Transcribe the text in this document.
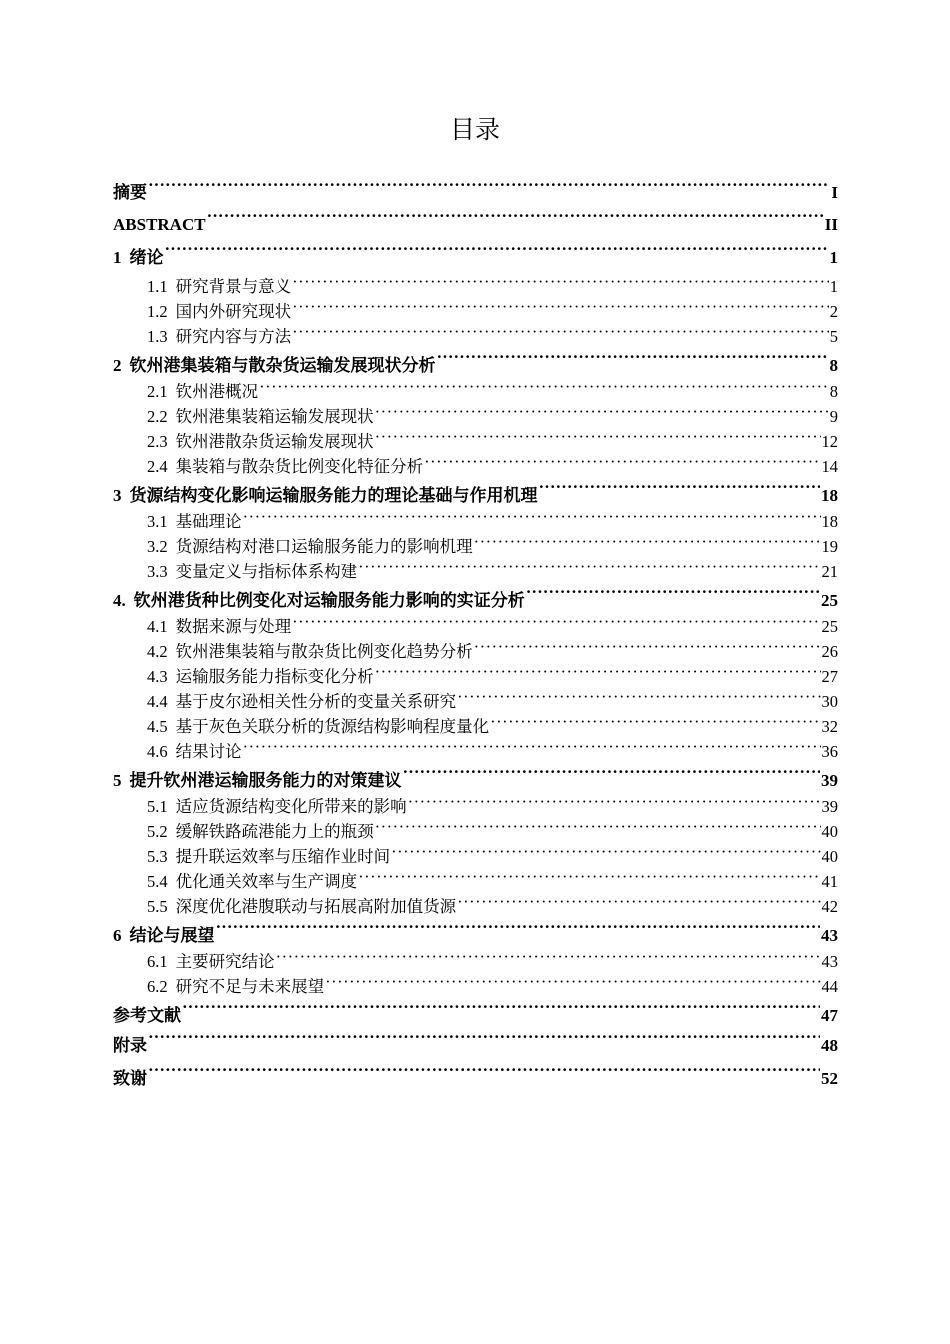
目录
摘要 ·····	I
ABSTRACT ·····	II
1 绪论 ·····	1
1.1 研究背景与意义 ·····	1
1.2 国内外研究现状 ·····	2
1.3 研究内容与方法 ·····	5
2 钦州港集装箱与散杂货运输发展现状分析 ·····	8
2.1 钦州港概况 ·····	8
2.2 钦州港集装箱运输发展现状 ·····	9
2.3 钦州港散杂货运输发展现状 ·····	12
2.4 集装箱与散杂货比例变化特征分析 ·····	14
3 货源结构变化影响运输服务能力的理论基础与作用机理 ·····	18
3.1 基础理论 ·····	18
3.2 货源结构对港口运输服务能力的影响机理 ·····	19
3.3 变量定义与指标体系构建 ·····	21
4. 钦州港货种比例变化对运输服务能力影响的实证分析 ·····	25
4.1 数据来源与处理 ·····	25
4.2 钦州港集装箱与散杂货比例变化趋势分析 ·····	26
4.3 运输服务能力指标变化分析 ·····	27
4.4 基于皮尔逊相关性分析的变量关系研究 ·····	30
4.5 基于灰色关联分析的货源结构影响程度量化 ·····	32
4.6 结果讨论 ·····	36
5 提升钦州港运输服务能力的对策建议 ·····	39
5.1 适应货源结构变化所带来的影响 ·····	39
5.2 缓解铁路疏港能力上的瓶颈 ·····	40
5.3 提升联运效率与压缩作业时间 ·····	40
5.4 优化通关效率与生产调度 ·····	41
5.5 深度优化港腹联动与拓展高附加值货源 ·····	42
6 结论与展望 ·····	43
6.1 主要研究结论 ·····	43
6.2 研究不足与未来展望 ·····	44
参考文献 ·····	47
附录 ·····	48
致谢 ·····	52
